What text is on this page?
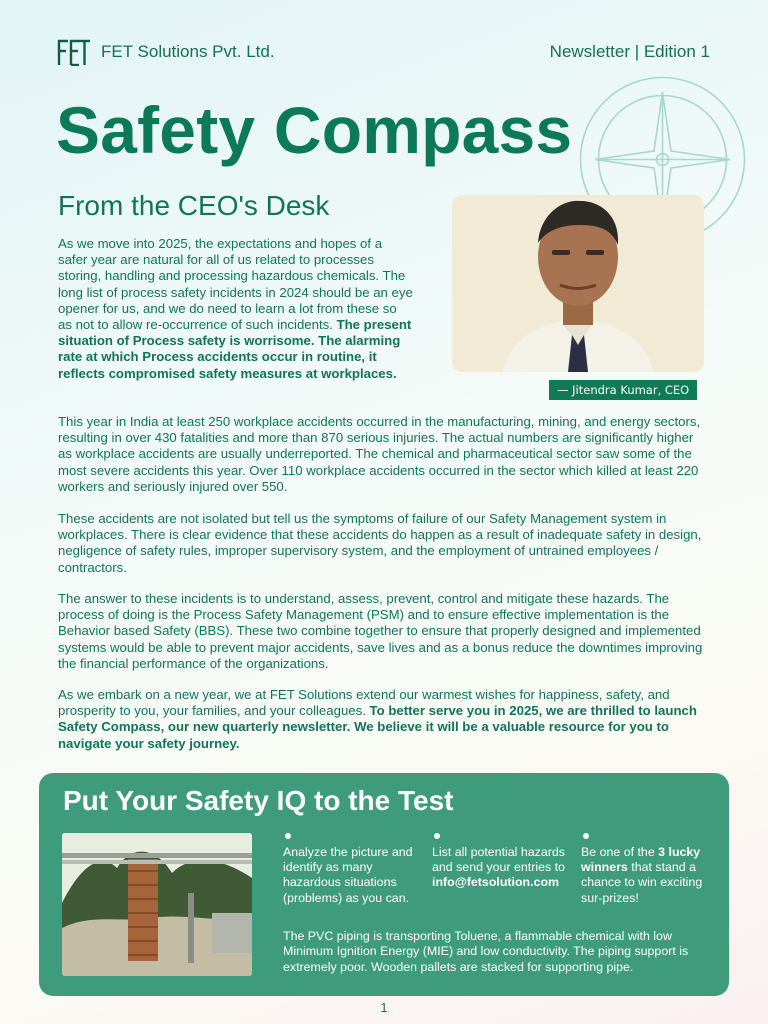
FET Solutions Pvt. Ltd.	Newsletter | Edition 1
Safety Compass
From the CEO's Desk
— Jitendra Kumar, CEO
As we move into 2025, the expectations and hopes of a safer year are natural for all of us related to processes storing, handling and processing hazardous chemicals. The long list of process safety incidents in 2024 should be an eye opener for us, and we do need to learn a lot from these so as not to allow re-occurrence of such incidents. The present situation of Process safety is worrisome. The alarming rate at which Process accidents occur in routine, it reflects compromised safety measures at workplaces.
This year in India at least 250 workplace accidents occurred in the manufacturing, mining, and energy sectors, resulting in over 430 fatalities and more than 870 serious injuries. The actual numbers are significantly higher as workplace accidents are usually underreported. The chemical and pharmaceutical sector saw some of the most severe accidents this year. Over 110 workplace accidents occurred in the sector which killed at least 220 workers and seriously injured over 550.
These accidents are not isolated but tell us the symptoms of failure of our Safety Management system in workplaces. There is clear evidence that these accidents do happen as a result of inadequate safety in design, negligence of safety rules, improper supervisory system, and the employment of untrained employees / contractors.
The answer to these incidents is to understand, assess, prevent, control and mitigate these hazards. The process of doing is the Process Safety Management (PSM) and to ensure effective implementation is the Behavior based Safety (BBS). These two combine together to ensure that properly designed and implemented systems would be able to prevent major accidents, save lives and as a bonus reduce the downtimes improving the financial performance of the organizations.
As we embark on a new year, we at FET Solutions extend our warmest wishes for happiness, safety, and prosperity to you, your families, and your colleagues. To better serve you in 2025, we are thrilled to launch Safety Compass, our new quarterly newsletter. We believe it will be a valuable resource for you to navigate your safety journey.
Put Your Safety IQ to the Test
Analyze the picture and identify as many hazardous situations (problems) as you can.
List all potential hazards and send your entries to info@fetsolution.com
Be one of the 3 lucky winners that stand a chance to win exciting sur-prizes!
The PVC piping is transporting Toluene, a flammable chemical with low Minimum Ignition Energy (MIE) and low conductivity. The piping support is extremely poor. Wooden pallets are stacked for supporting pipe.
1
